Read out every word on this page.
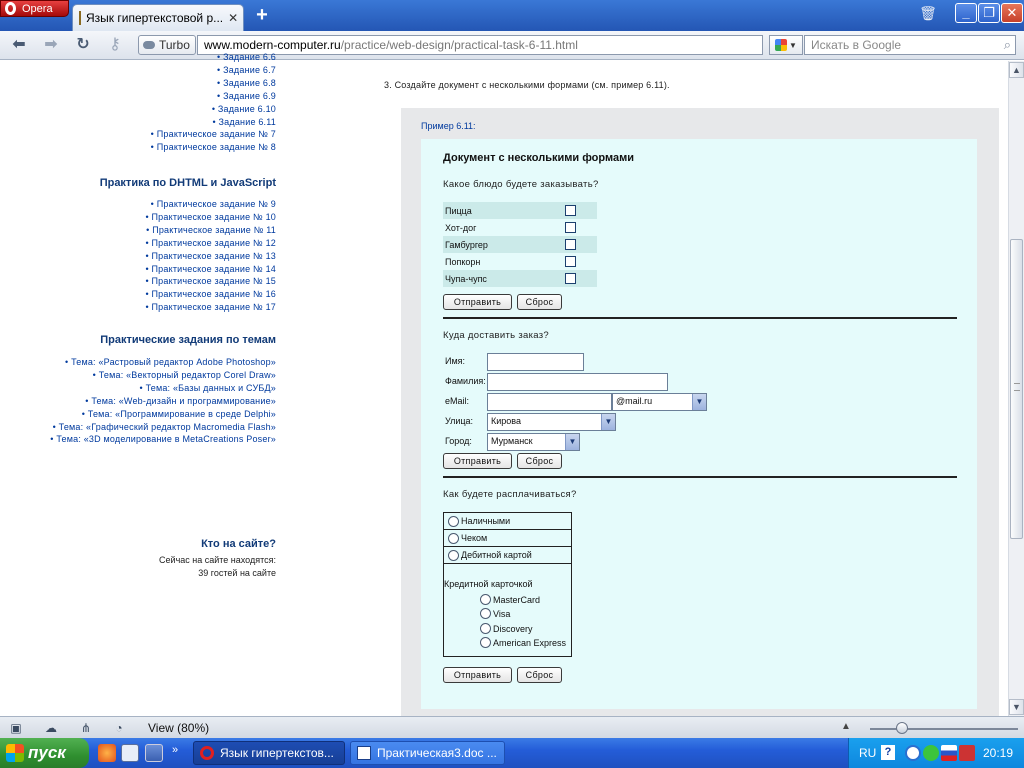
Opera
Язык гипертекстовой р... ✕ +	🗑	_	❐ ✕
⬅ ➡ ↻	⚷	Turbo	www.modern-computer.ru/practice/web-design/practical-task-6-11.html	▼	Искать в Google	⌕
• Задание 6.6
• Задание 6.7
• Задание 6.8
• Задание 6.9
• Задание 6.10
• Задание 6.11
• Практическое задание № 7
• Практическое задание № 8
Практика по DHTML и JavaScript
• Практическое задание № 9
• Практическое задание № 10
• Практическое задание № 11
• Практическое задание № 12
• Практическое задание № 13
• Практическое задание № 14
• Практическое задание № 15
• Практическое задание № 16
• Практическое задание № 17
Практические задания по темам
• Тема: «Растровый редактор Adobe Photoshop»
• Тема: «Векторный редактор Corel Draw»
• Тема: «Базы данных и СУБД»
• Тема: «Web-дизайн и программирование»
• Тема: «Программирование в среде Delphi»
• Тема: «Графический редактор Macromedia Flash»
• Тема: «3D моделирование в MetaCreations Poser»
Кто на сайте?
Сейчас на сайте находятся:
39 гостей на сайте
3. Создайте документ с несколькими формами (см. пример 6.11).
Пример 6.11:
Документ с несколькими формами
Какое блюдо будете заказывать?
Пицца	
Хот-дог	
Гамбургер	
Попкорн	
Чупа-чупс	
Отправить	Сброс
Куда доставить заказ?
Имя:
Фамилия:
eMail:	@mail.ru	▼
Улица:	Кирова	▼
Город:	Мурманск	▼
Отправить	Сброс
Как будете расплачиваться?
Наличными
Чеком
Дебитной картой
Кредитной карточкой
MasterCard
Visa
Discovery
American Express
Отправить	Сброс
▲
▼
▣ ☁ ⋔	◔	View (80%)	▲
пуск	»	Язык гипертекстов...	Практическая3.doc ...	RU ?	20:19
